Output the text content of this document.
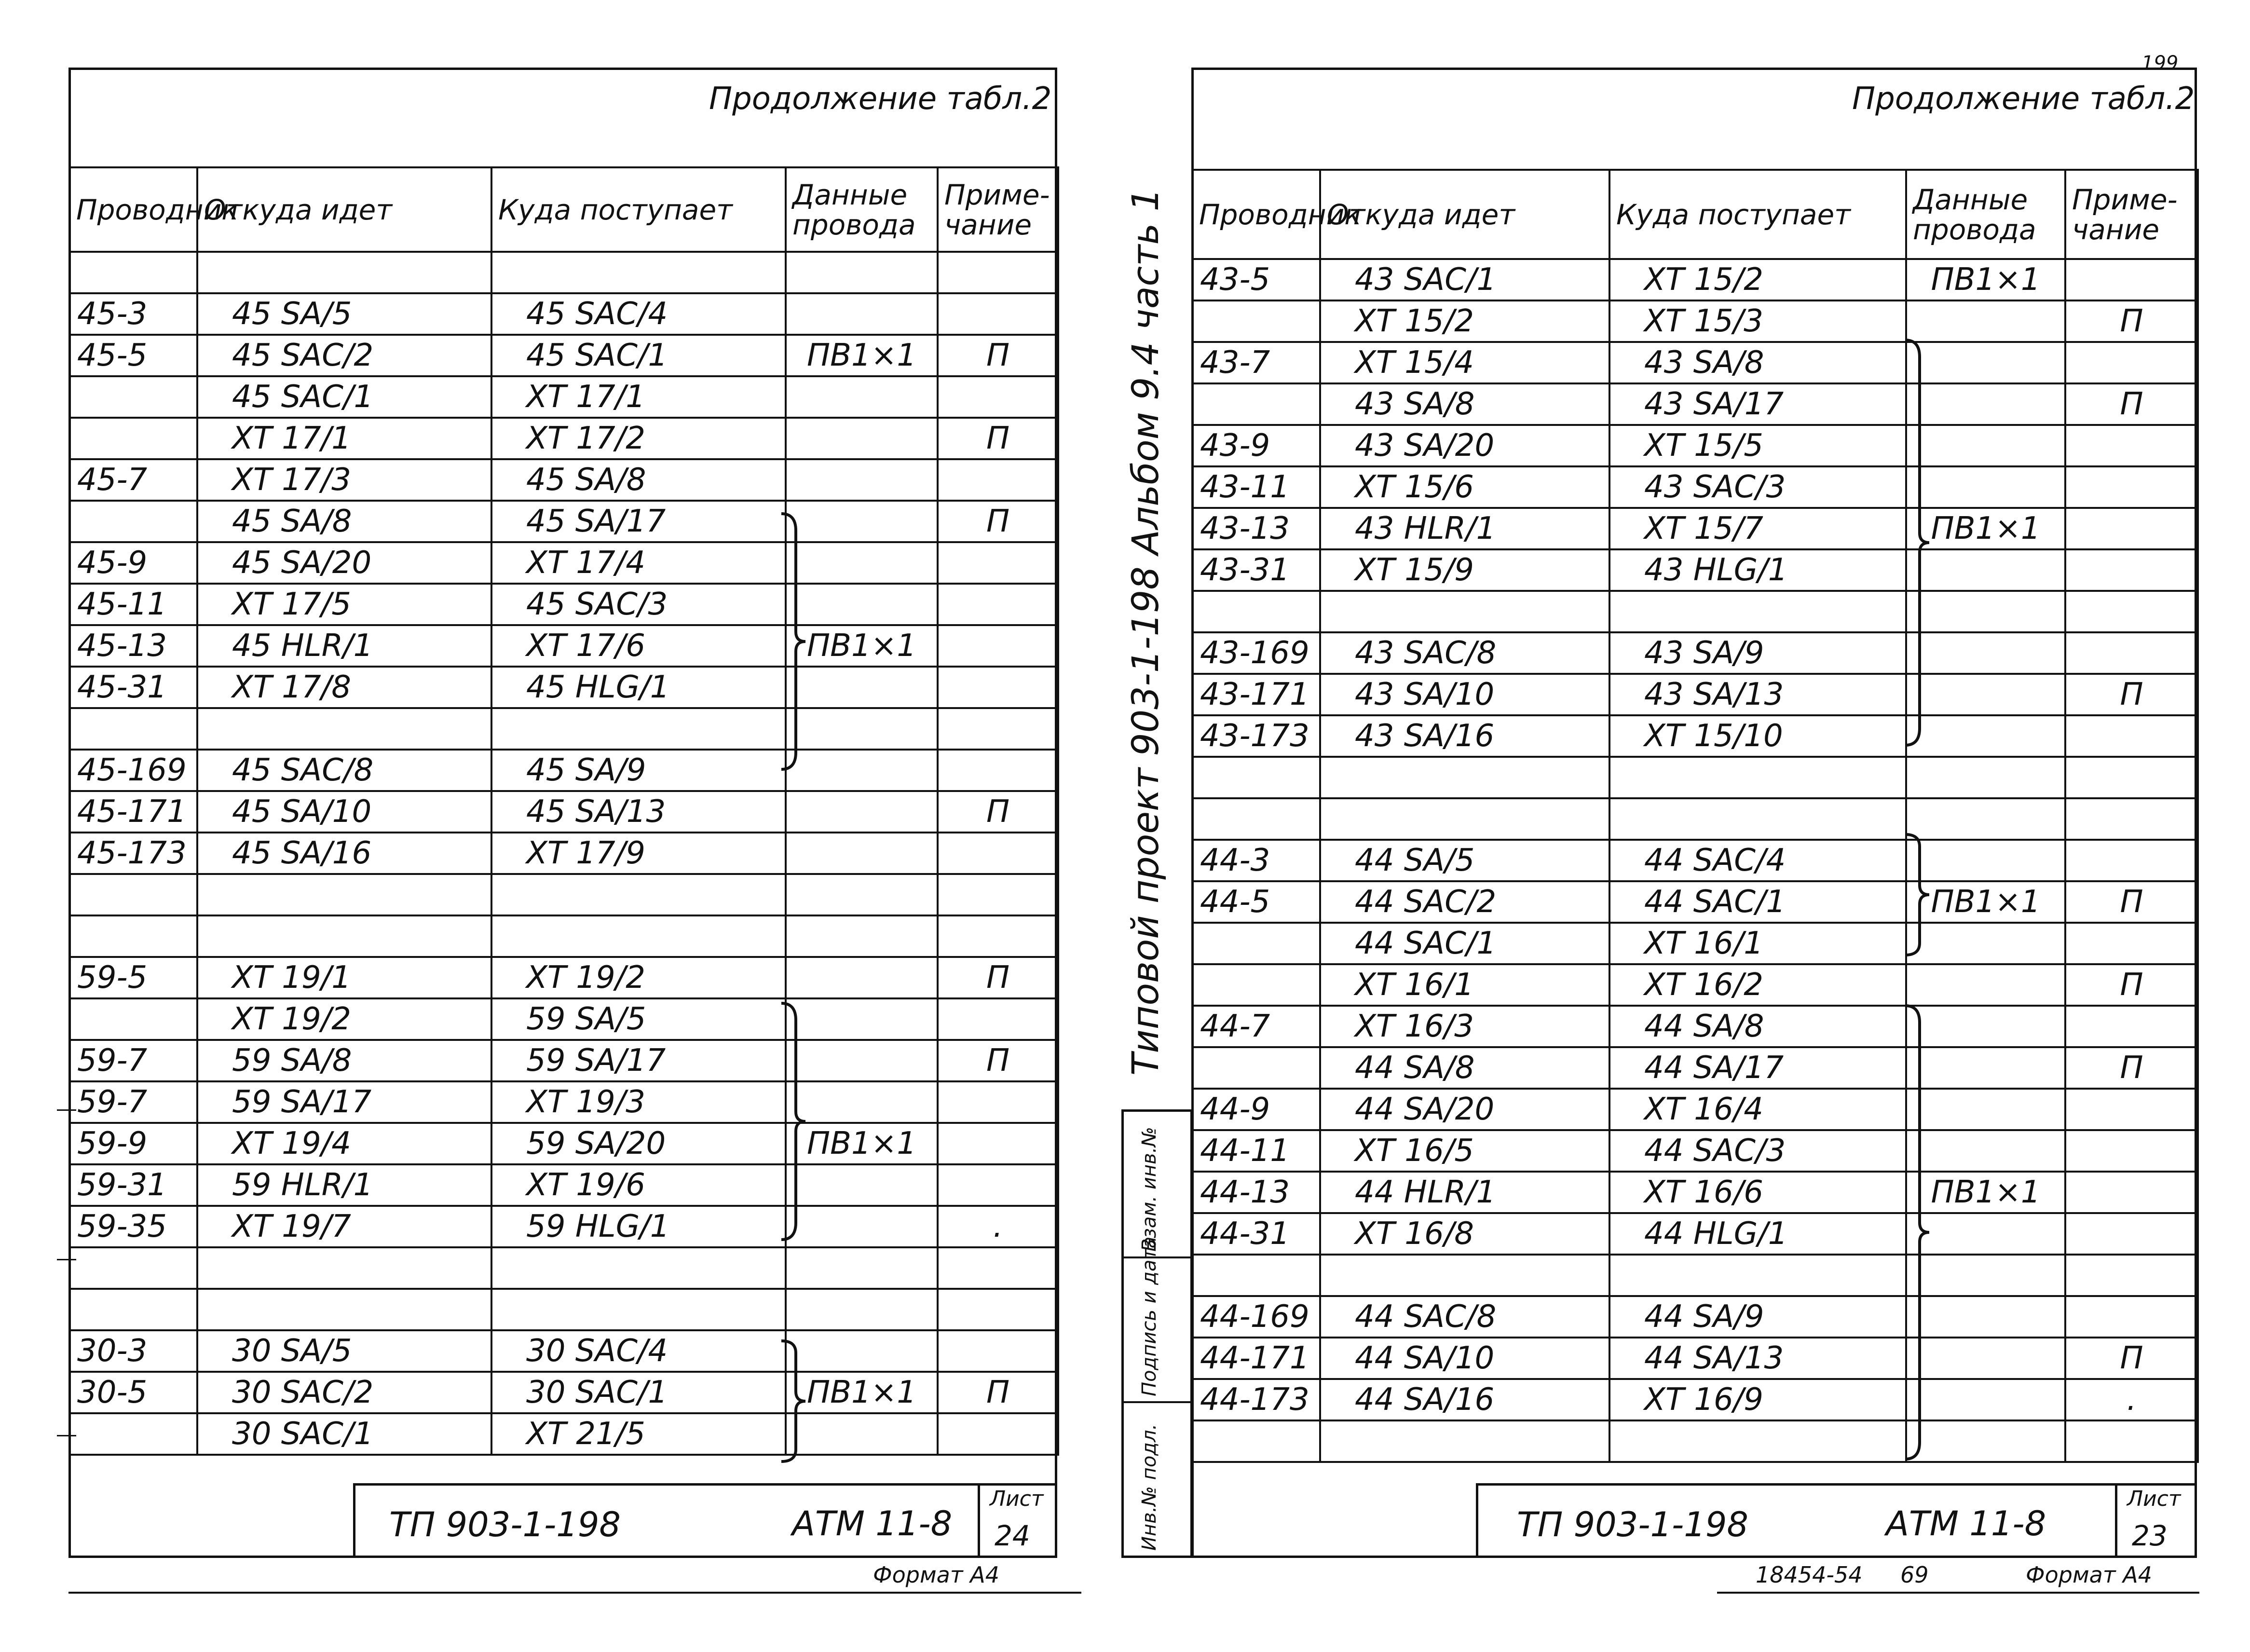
199
Продолжение табл.2
Проводник	Откуда идет	Куда поступает	Данные провода	Приме-чание

45-3	45 SA/5	45 SAC/4		
45-5	45 SAC/2	45 SAC/1	ПВ1×1	П
	45 SAC/1	XT 17/1		
	XT 17/1	XT 17/2		П
45-7	XT 17/3	45 SA/8		
	45 SA/8	45 SA/17		П
45-9	45 SA/20	XT 17/4		
45-11	XT 17/5	45 SAC/3		
45-13	45 HLR/1	XT 17/6	ПВ1×1	
45-31	XT 17/8	45 HLG/1		

45-169	45 SAC/8	45 SA/9		
45-171	45 SA/10	45 SA/13		П
45-173	45 SA/16	XT 17/9		

59-5	XT 19/1	XT 19/2		П
	XT 19/2	59 SA/5		
59-7	59 SA/8	59 SA/17		П
59-7	59 SA/17	XT 19/3		
59-9	XT 19/4	59 SA/20	ПВ1×1	
59-31	59 HLR/1	XT 19/6		
59-35	XT 19/7	59 HLG/1		.

30-3	30 SA/5	30 SAC/4		
30-5	30 SAC/2	30 SAC/1	ПВ1×1	П
	30 SAC/1	XT 21/5		
ТП 903-1-198	АТМ 11-8
Лист
24
Формат А4
Типовой проект 903-1-198 Альбом 9.4 часть 1
Инв.№ подл.
Подпись и дата
Взам. инв.№
Продолжение табл.2
Проводник	Откуда идет	Куда поступает	Данные провода	Приме-чание
43-5	43 SAC/1	XT 15/2	ПВ1×1	
	XT 15/2	XT 15/3		П
43-7	XT 15/4	43 SA/8		
	43 SA/8	43 SA/17		П
43-9	43 SA/20	XT 15/5		
43-11	XT 15/6	43 SAC/3		
43-13	43 HLR/1	XT 15/7	ПВ1×1	
43-31	XT 15/9	43 HLG/1		

43-169	43 SAC/8	43 SA/9		
43-171	43 SA/10	43 SA/13		П
43-173	43 SA/16	XT 15/10		

44-3	44 SA/5	44 SAC/4		
44-5	44 SAC/2	44 SAC/1	ПВ1×1	П
	44 SAC/1	XT 16/1		
	XT 16/1	XT 16/2		П
44-7	XT 16/3	44 SA/8		
	44 SA/8	44 SA/17		П
44-9	44 SA/20	XT 16/4		
44-11	XT 16/5	44 SAC/3		
44-13	44 HLR/1	XT 16/6	ПВ1×1	
44-31	XT 16/8	44 HLG/1		

44-169	44 SAC/8	44 SA/9		
44-171	44 SA/10	44 SA/13		П
44-173	44 SA/16	XT 16/9		.

ТП 903-1-198	АТМ 11-8
Лист
23
18454-54 69	Формат А4
